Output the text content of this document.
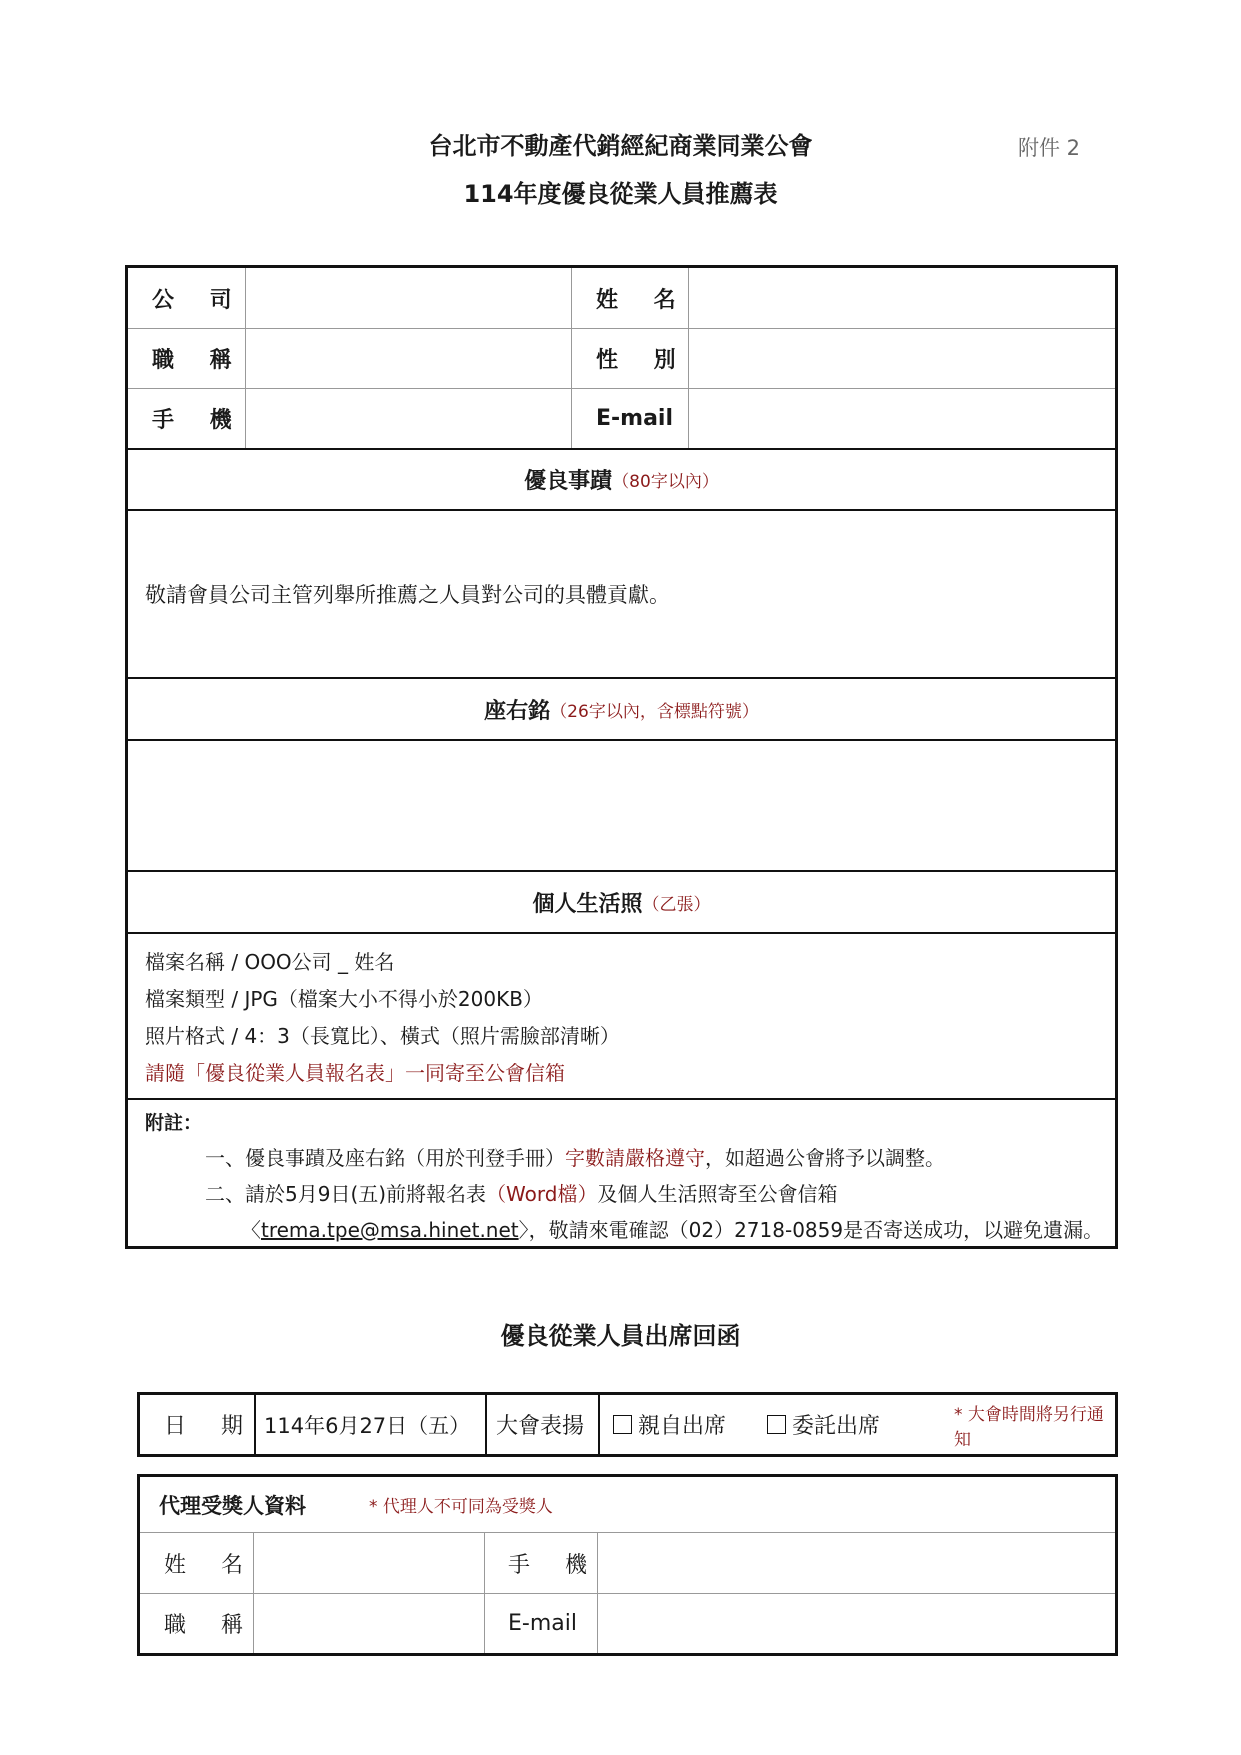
台北市不動產代銷經紀商業同業公會
114年度優良從業人員推薦表
附件 2
公 司	姓 名
職 稱	性 別
手 機	E-mail
優良事蹟 （80字以內）
敬請會員公司主管列舉所推薦之人員對公司的具體貢獻。
座右銘 （26字以內，含標點符號）
個人生活照 （乙張）
檔案名稱 / OOO公司 _ 姓名
檔案類型 / JPG（檔案大小不得小於200KB）
照片格式 / 4：3（長寬比）、橫式（照片需臉部清晰）
請隨「優良從業人員報名表」一同寄至公會信箱
附註：
一、優良事蹟及座右銘（用於刊登手冊）字數請嚴格遵守，如超過公會將予以調整。
二、請於5月9日(五)前將報名表（Word檔）及個人生活照寄至公會信箱
〈trema.tpe@msa.hinet.net〉，敬請來電確認（02）2718-0859是否寄送成功，以避免遺漏。
優良從業人員出席回函
日 期 114年6月27日（五） 大會表揚 親自出席	委託出席	* 大會時間將另行通知
代理受獎人資料	* 代理人不可同為受獎人
姓 名	手 機
職 稱	E-mail
